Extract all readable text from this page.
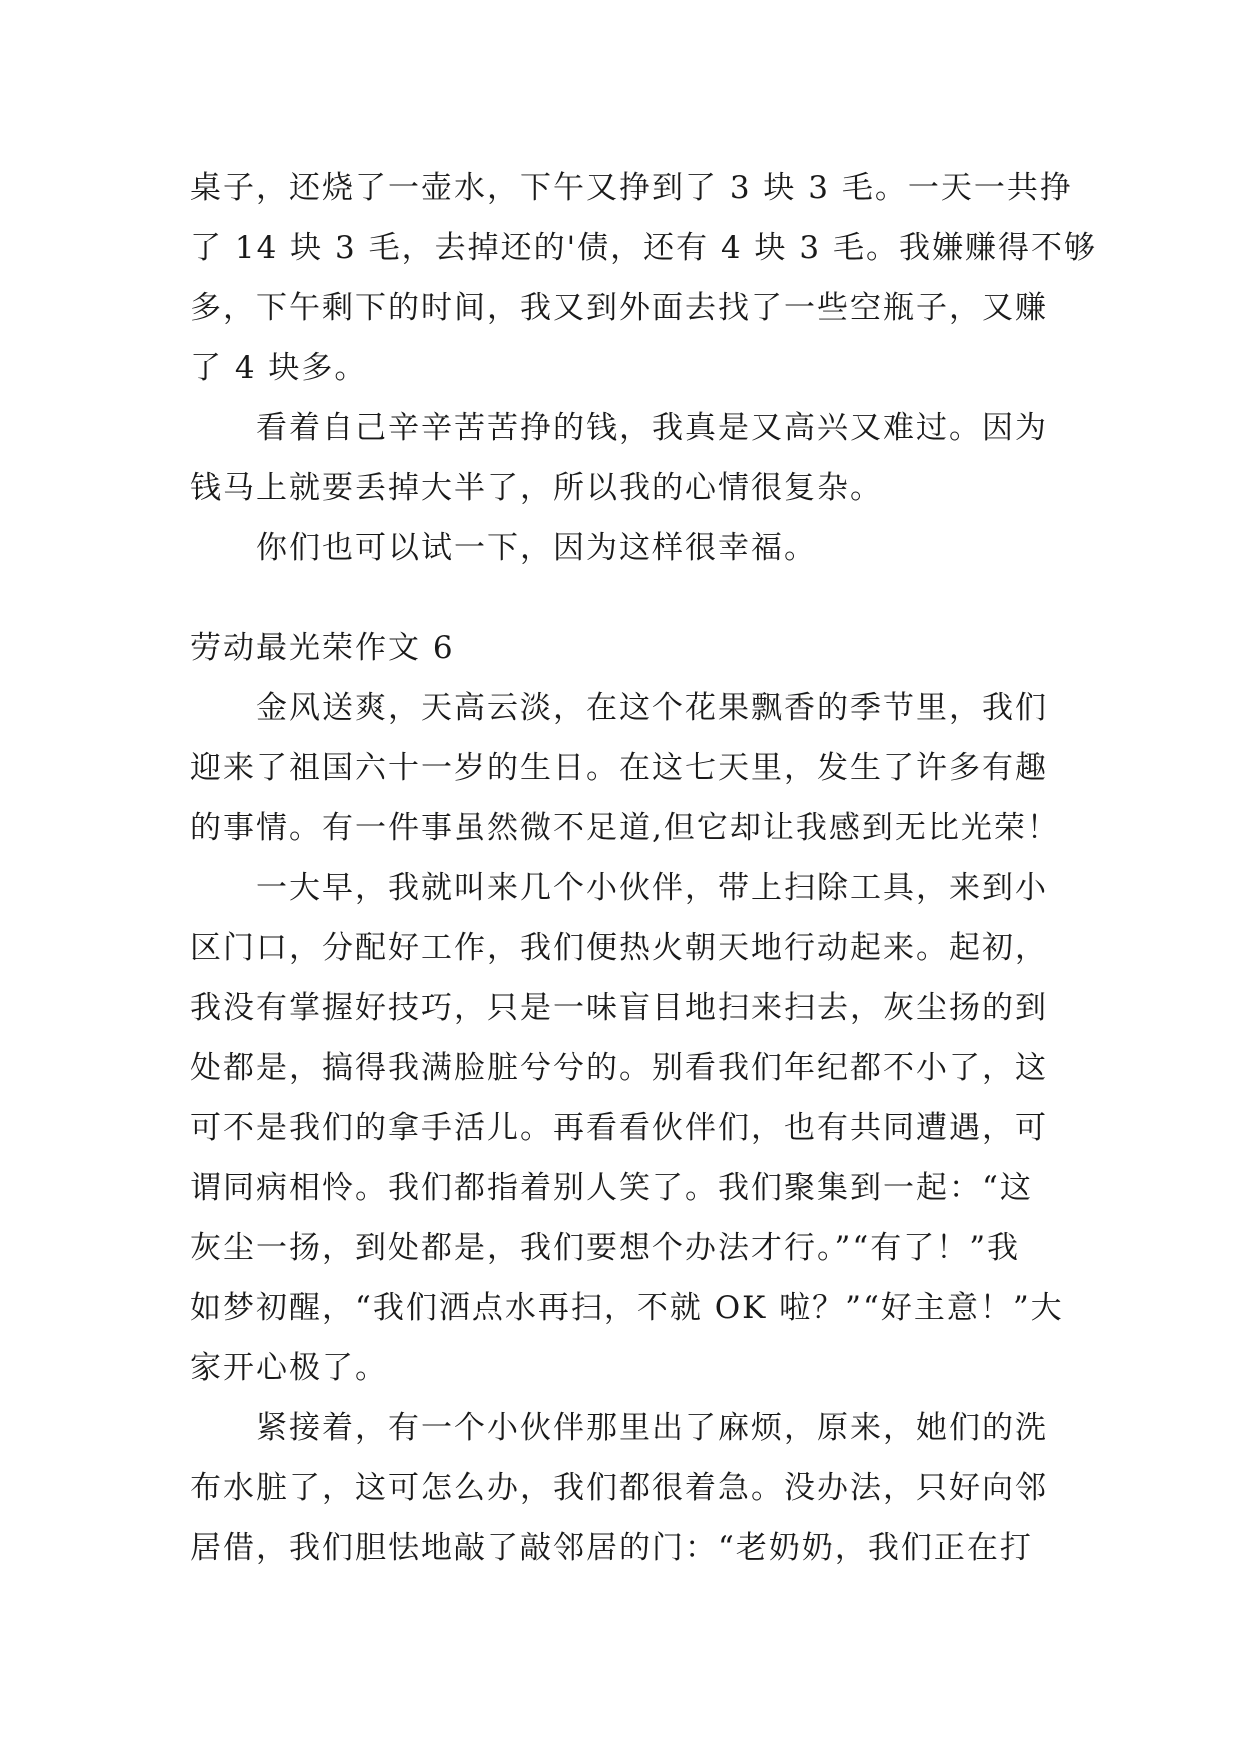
桌子，还烧了一壶水，下午又挣到了 3 块 3 毛。一天一共挣
了 14 块 3 毛，去掉还的'债，还有 4 块 3 毛。我嫌赚得不够
多，下午剩下的时间，我又到外面去找了一些空瓶子，又赚
了 4 块多。
看着自己辛辛苦苦挣的钱，我真是又高兴又难过。因为
钱马上就要丢掉大半了，所以我的心情很复杂。
你们也可以试一下，因为这样很幸福。
劳动最光荣作文 6
金风送爽，天高云淡，在这个花果飘香的季节里，我们
迎来了祖国六十一岁的生日。在这七天里，发生了许多有趣
的事情。有一件事虽然微不足道,但它却让我感到无比光荣！
一大早，我就叫来几个小伙伴，带上扫除工具，来到小
区门口，分配好工作，我们便热火朝天地行动起来。起初，
我没有掌握好技巧，只是一味盲目地扫来扫去，灰尘扬的到
处都是，搞得我满脸脏兮兮的。别看我们年纪都不小了，这
可不是我们的拿手活儿。再看看伙伴们，也有共同遭遇，可
谓同病相怜。我们都指着别人笑了。我们聚集到一起：“这
灰尘一扬，到处都是，我们要想个办法才行。”“有了！”我
如梦初醒，“我们洒点水再扫，不就 OK 啦？”“好主意！”大
家开心极了。
紧接着，有一个小伙伴那里出了麻烦，原来，她们的洗
布水脏了，这可怎么办，我们都很着急。没办法，只好向邻
居借，我们胆怯地敲了敲邻居的门：“老奶奶，我们正在打
